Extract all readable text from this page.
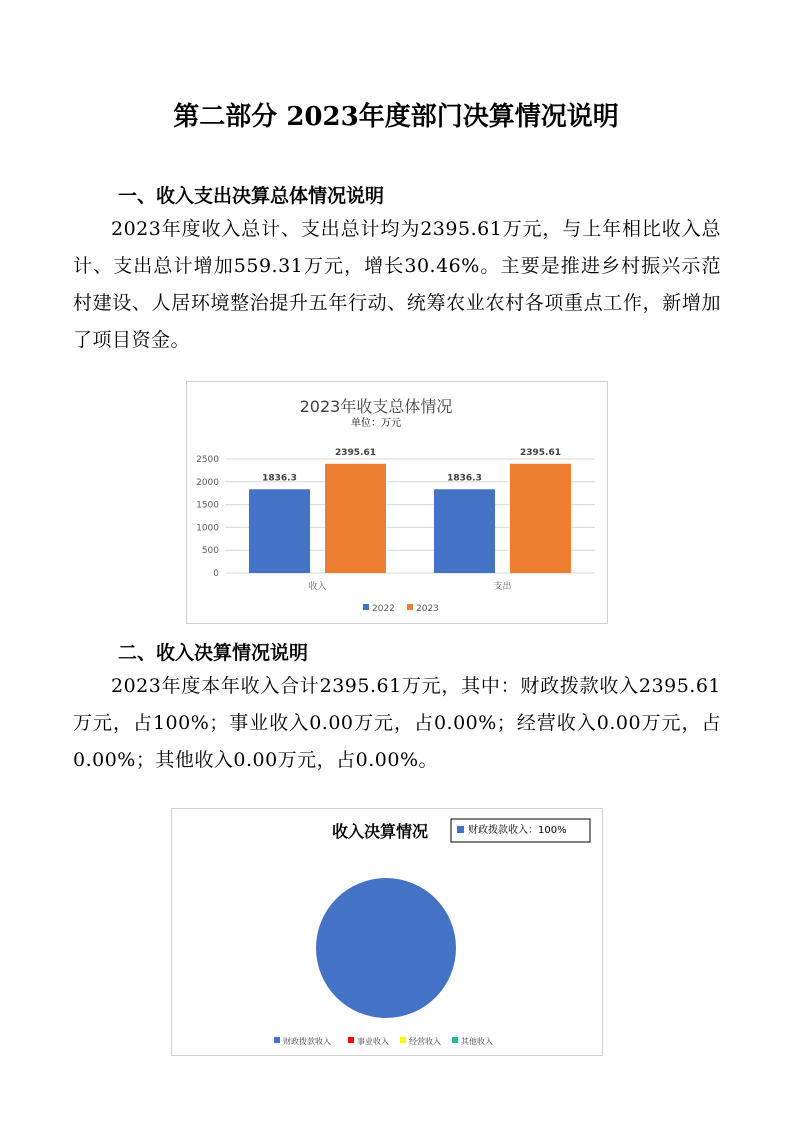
第二部分 2023年度部门决算情况说明
一、收入支出决算总体情况说明
2023年度收入总计、支出总计均为2395.61万元，与上年相比收入总计、支出总计增加559.31万元，增长30.46%。主要是推进乡村振兴示范村建设、人居环境整治提升五年行动、统筹农业农村各项重点工作，新增加了项目资金。
2023年收支总体情况
单位：万元
0
500
1000
1500
2000
2500
1836.3
2395.61
收入
1836.3
2395.61
支出
2022 2023
二、收入决算情况说明
2023年度本年收入合计2395.61万元，其中：财政拨款收入2395.61万元，占100%；事业收入0.00万元，占0.00%；经营收入0.00万元，占0.00%；其他收入0.00万元，占0.00%。
收入决算情况	财政拨款收入：100%
财政拨款收入	事业收入	经营收入	其他收入
